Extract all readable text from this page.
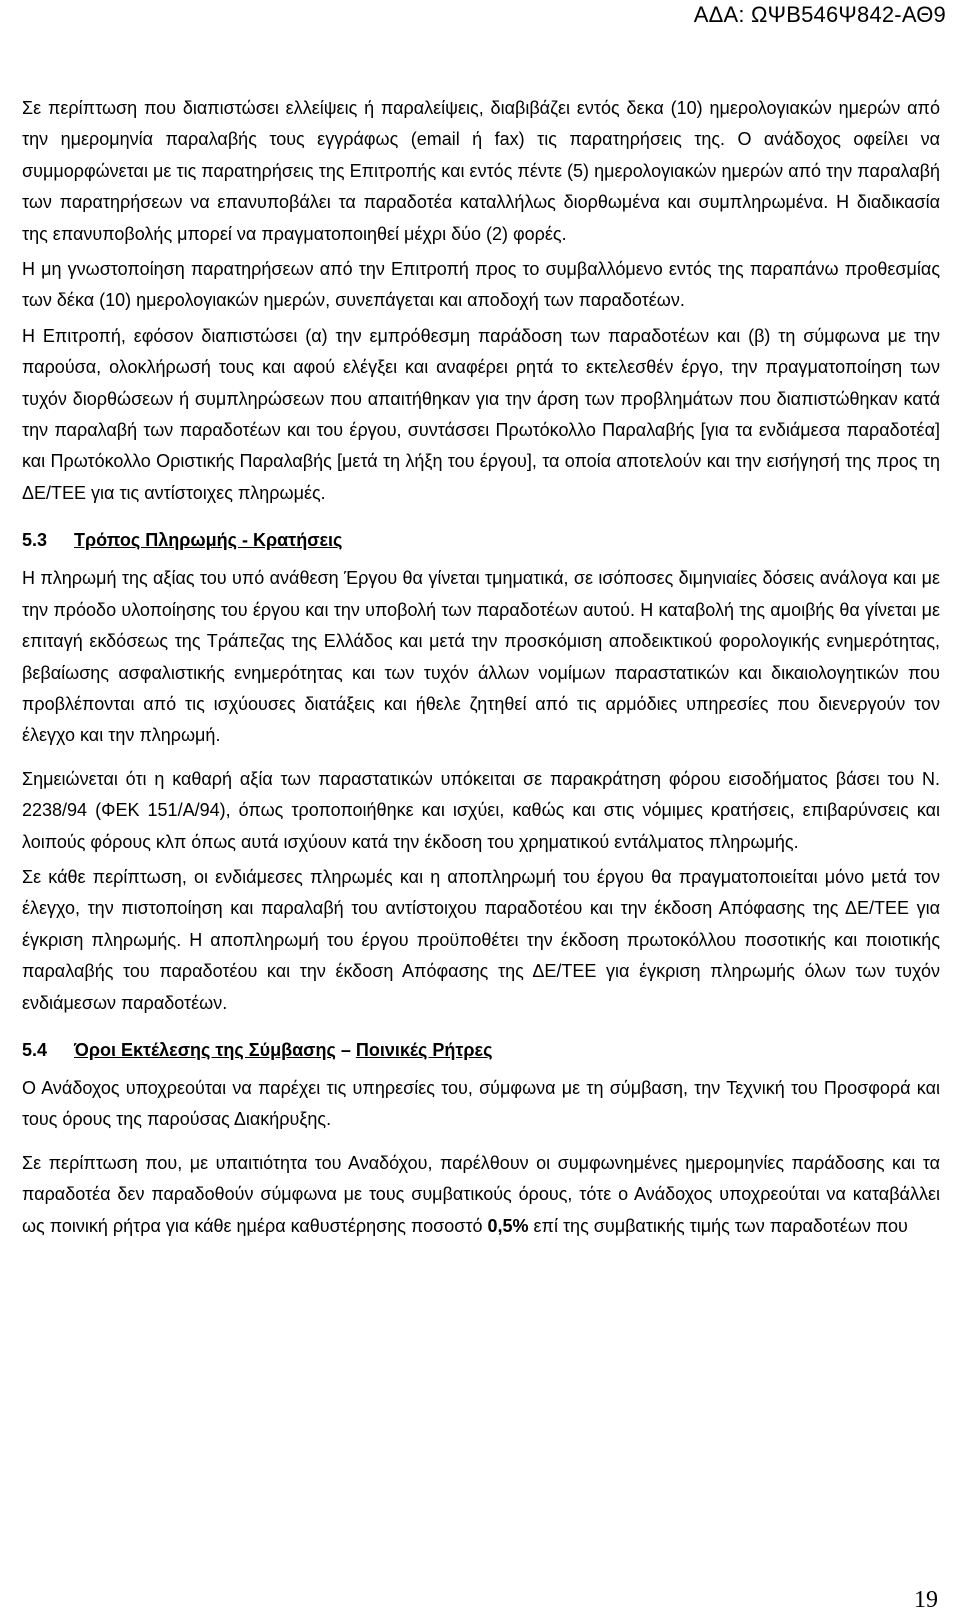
ΑΔΑ: ΩΨΒ546Ψ842-ΑΘ9

Σε περίπτωση που διαπιστώσει ελλείψεις ή παραλείψεις, διαβιβάζει εντός δεκα (10) ημερολογιακών ημερών από την ημερομηνία παραλαβής τους εγγράφως (email ή fax) τις παρατηρήσεις της. Ο ανάδοχος οφείλει να συμμορφώνεται με τις παρατηρήσεις της Επιτροπής και εντός πέντε (5) ημερολογιακών ημερών από την παραλαβή των παρατηρήσεων να επανυποβάλει τα παραδοτέα καταλλήλως διορθωμένα και συμπληρωμένα. Η διαδικασία της επανυποβολής μπορεί να πραγματοποιηθεί μέχρι δύο (2) φορές.

Η μη γνωστοποίηση παρατηρήσεων από την Επιτροπή προς το συμβαλλόμενο εντός της παραπάνω προθεσμίας των δέκα (10) ημερολογιακών ημερών, συνεπάγεται και αποδοχή των παραδοτέων.

Η Επιτροπή, εφόσον διαπιστώσει (α) την εμπρόθεσμη παράδοση των παραδοτέων και (β) τη σύμφωνα με την παρούσα, ολοκλήρωσή τους και αφού ελέγξει και αναφέρει ρητά το εκτελεσθέν έργο, την πραγματοποίηση των τυχόν διορθώσεων ή συμπληρώσεων που απαιτήθηκαν για την άρση των προβλημάτων που διαπιστώθηκαν κατά την παραλαβή των παραδοτέων και του έργου, συντάσσει Πρωτόκολλο Παραλαβής [για τα ενδιάμεσα παραδοτέα] και Πρωτόκολλο Οριστικής Παραλαβής [μετά τη λήξη του έργου], τα οποία αποτελούν και την εισήγησή της προς τη ΔΕ/ΤΕΕ για τις αντίστοιχες πληρωμές.

5.3 Τρόπος Πληρωμής - Κρατήσεις

Η πληρωμή της αξίας του υπό ανάθεση Έργου θα γίνεται τμηματικά, σε ισόποσες διμηνιαίες δόσεις ανάλογα και με την πρόοδο υλοποίησης του έργου και την υποβολή των παραδοτέων αυτού. Η καταβολή της αμοιβής θα γίνεται με επιταγή εκδόσεως της Τράπεζας της Ελλάδος και μετά την προσκόμιση αποδεικτικού φορολογικής ενημερότητας, βεβαίωσης ασφαλιστικής ενημερότητας και των τυχόν άλλων νομίμων παραστατικών και δικαιολογητικών που προβλέπονται από τις ισχύουσες διατάξεις και ήθελε ζητηθεί από τις αρμόδιες υπηρεσίες που διενεργούν τον έλεγχο και την πληρωμή.

Σημειώνεται ότι η καθαρή αξία των παραστατικών υπόκειται σε παρακράτηση φόρου εισοδήματος βάσει του Ν. 2238/94 (ΦΕΚ 151/Α/94), όπως τροποποιήθηκε και ισχύει, καθώς και στις νόμιμες κρατήσεις, επιβαρύνσεις και λοιπούς φόρους κλπ όπως αυτά ισχύουν κατά την έκδοση του χρηματικού εντάλματος πληρωμής.

Σε κάθε περίπτωση, οι ενδιάμεσες πληρωμές και η αποπληρωμή του έργου θα πραγματοποιείται μόνο μετά τον έλεγχο, την πιστοποίηση και παραλαβή του αντίστοιχου παραδοτέου και την έκδοση Απόφασης της ΔΕ/ΤΕΕ για έγκριση πληρωμής. Η αποπληρωμή του έργου προϋποθέτει την έκδοση πρωτοκόλλου ποσοτικής και ποιοτικής παραλαβής του παραδοτέου και την έκδοση Απόφασης της ΔΕ/ΤΕΕ για έγκριση πληρωμής όλων των τυχόν ενδιάμεσων παραδοτέων.

5.4 Όροι Εκτέλεσης της Σύμβασης – Ποινικές Ρήτρες

Ο Ανάδοχος υποχρεούται να παρέχει τις υπηρεσίες του, σύμφωνα με τη σύμβαση, την Τεχνική του Προσφορά και τους όρους της παρούσας Διακήρυξης.

Σε περίπτωση που, με υπαιτιότητα του Αναδόχου, παρέλθουν οι συμφωνημένες ημερομηνίες παράδοσης και τα παραδοτέα δεν παραδοθούν σύμφωνα με τους συμβατικούς όρους, τότε ο Ανάδοχος υποχρεούται να καταβάλλει ως ποινική ρήτρα για κάθε ημέρα καθυστέρησης ποσοστό 0,5% επί της συμβατικής τιμής των παραδοτέων που

19
